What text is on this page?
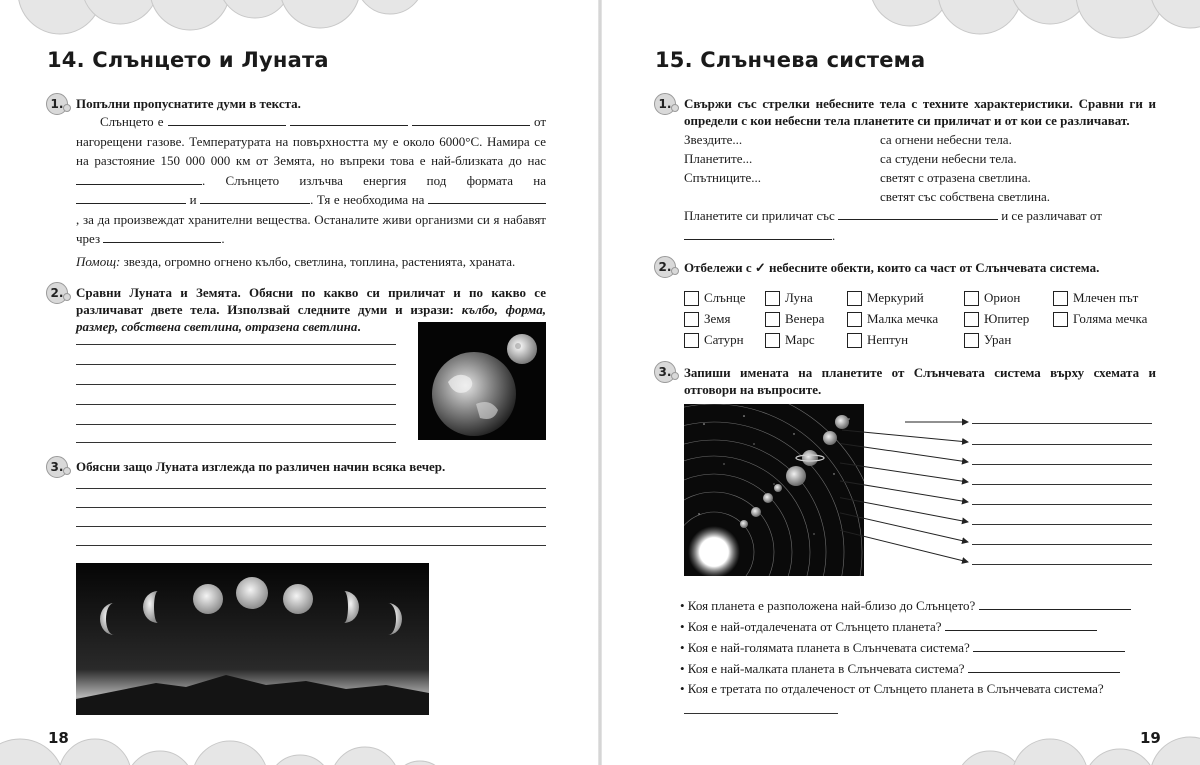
14. Слънцето и Луната
1. Попълни пропуснатите думи в текста.
Слънцето е	от нагорещени газове. Температурата на повърхността му е около 6000°С. Намира се на разстояние 150 000 000 км от Земята, но въпреки това е най-близката до нас . Слънцето излъчва енергия под формата на  и	. Тя е необходима на , за да произвеждат хранителни вещества. Останалите живи организми си я набавят чрез	.
Помощ: звезда, огромно огнено кълбо, светлина, топлина, растенията, храната.
2. Сравни Луната и Земята. Обясни по какво си приличат и по какво се различават двете тела. Използвай следните думи и изрази: кълбо, форма, размер, собствена светлина, отразена светлина.
3. Обясни защо Луната изглежда по различен начин всяка вечер.
18
15. Слънчева система
1. Свържи със стрелки небесните тела с техните характеристики. Сравни ги и определи с кои небесни тела планетите си приличат и от кои се различават.
Звездите...
Планетите...
Спътниците...
са огнени небесни тела.
са студени небесни тела.
светят с отразена светлина.
светят със собствена светлина.
Планетите си приличат със	и се различават от
.
2. Отбележи с ✓ небесните обекти, които са част от Слънчевата система.
Слънце	Луна	Меркурий	Орион	Млечен път
Земя	Венера	Малка мечка	Юпитер	Голяма мечка
Сатурн	Марс	Нептун	Уран
3. Запиши имената на планетите от Слънчевата система върху схемата и отговори на въпросите.
• Коя планета е разположена най-близо до Слънцето?
• Коя е най-отдалечената от Слънцето планета?
• Коя е най-голямата планета в Слънчевата система?
• Коя е най-малката планета в Слънчевата система?
• Коя е третата по отдалеченост от Слънцето планета в Слънчевата система?
19
